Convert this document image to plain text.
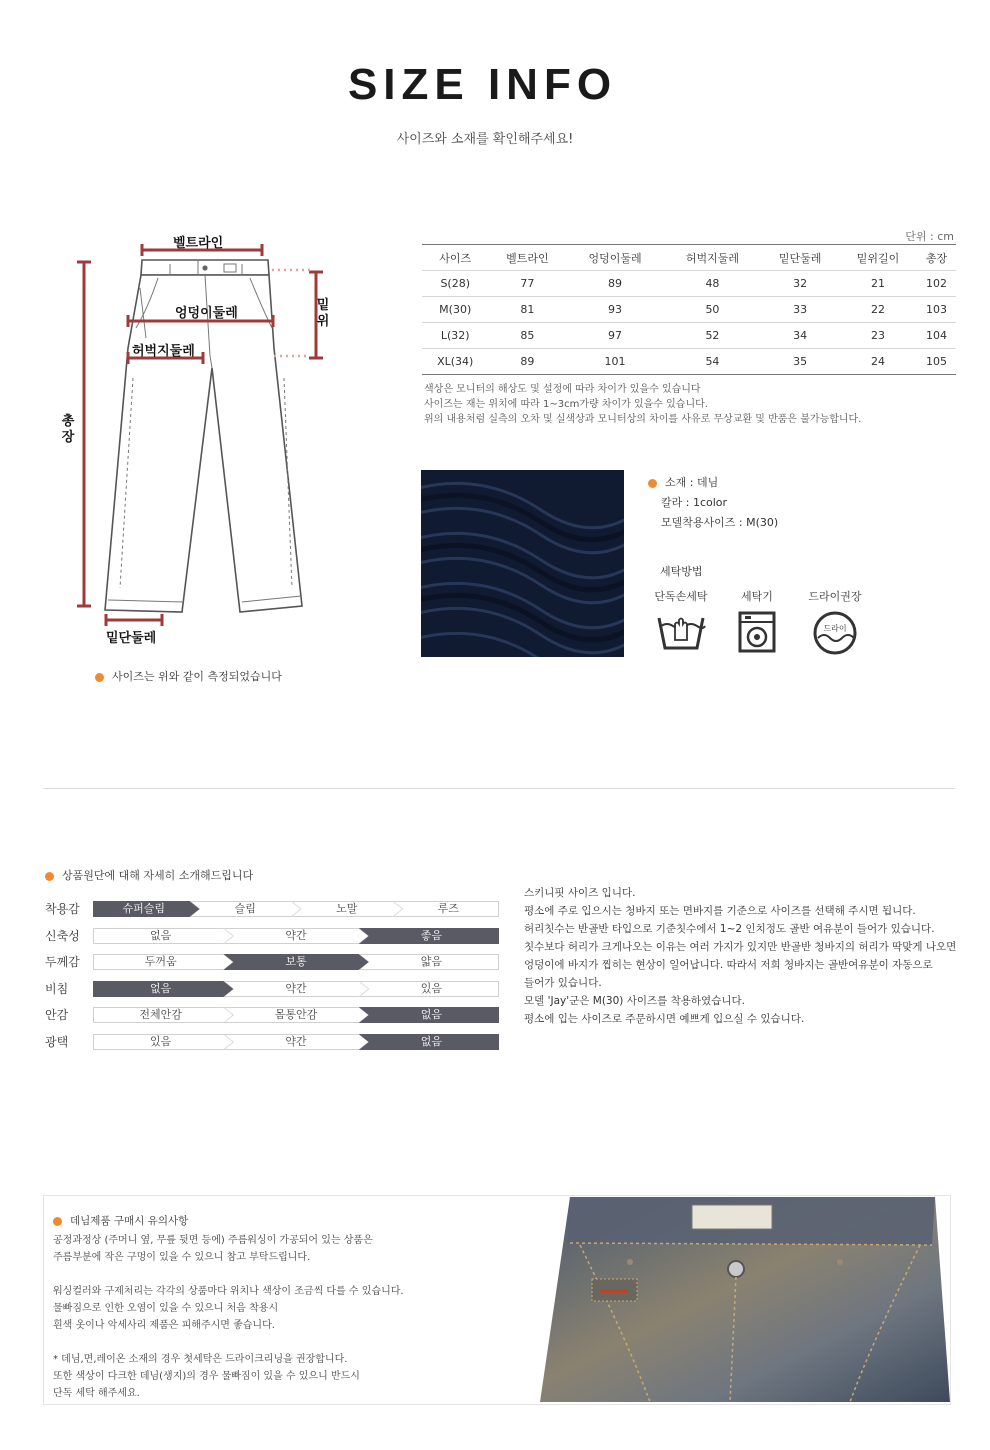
SIZE INFO
사이즈와 소재를 확인해주세요!
벨트라인
엉덩이둘레
허벅지둘레
밑위
총장
밑단둘레
사이즈는 위와 같이 측정되었습니다
단위 : cm
사이즈	벨트라인	엉덩이둘레	허벅지둘레	밑단둘레	밑위길이	총장
S(28)	77	89	48	32	21	102
M(30)	81	93	50	33	22	103
L(32)	85	97	52	34	23	104
XL(34)	89	101	54	35	24	105
색상은 모니터의 해상도 및 설정에 따라 차이가 있을수 있습니다
사이즈는 재는 위치에 따라 1~3cm가량 차이가 있을수 있습니다.
위의 내용처럼 실측의 오차 및 실색상과 모니터상의 차이를 사유로 무상교환 및 반품은 불가능합니다.
소재 : 데님
칼라 : 1color
모델착용사이즈 : M(30)
세탁방법
단독손세탁	세탁기	드라이권장
드라이
상품원단에 대해 자세히 소개해드립니다
착용감	슈퍼슬림	슬림	노말	루즈
신축성	없음	약간	좋음
두께감	두꺼움	보통	얇음
비침	없음	약간	있음
안감	전체안감	몸통안감	없음
광택	있음	약간	없음
스키니핏 사이즈 입니다.
평소에 주로 입으시는 청바지 또는 면바지를 기준으로 사이즈를 선택해 주시면 됩니다.
허리칫수는 반골반 타입으로 기준칫수에서 1~2 인치정도 골반 여유분이 들어가 있습니다.
칫수보다 허리가 크게나오는 이유는 여러 가지가 있지만 반골반 청바지의 허리가 딱맞게 나오면
엉덩이에 바지가 찝히는 현상이 일어납니다. 따라서 저희 청바지는 골반여유분이 자동으로
들어가 있습니다.
모델 'Jay'군은 M(30) 사이즈를 착용하였습니다.
평소에 입는 사이즈로 주문하시면 예쁘게 입으실 수 있습니다.
데님제품 구매시 유의사항
공정과정상 (주머니 옆, 무릎 뒷면 등에) 주름워싱이 가공되어 있는 상품은
주름부분에 작은 구멍이 있을 수 있으니 참고 부탁드립니다.
워싱컬러와 구제처리는 각각의 상품마다 위치나 색상이 조금씩 다를 수 있습니다.
물빠짐으로 인한 오염이 있을 수 있으니 처음 착용시
흰색 옷이나 악세사리 제품은 피해주시면 좋습니다.
* 데님,면,레이온 소재의 경우 첫세탁은 드라이크리닝을 권장합니다.
또한 색상이 다크한 데님(생지)의 경우 물빠짐이 있을 수 있으니 반드시
단독 세탁 해주세요.
